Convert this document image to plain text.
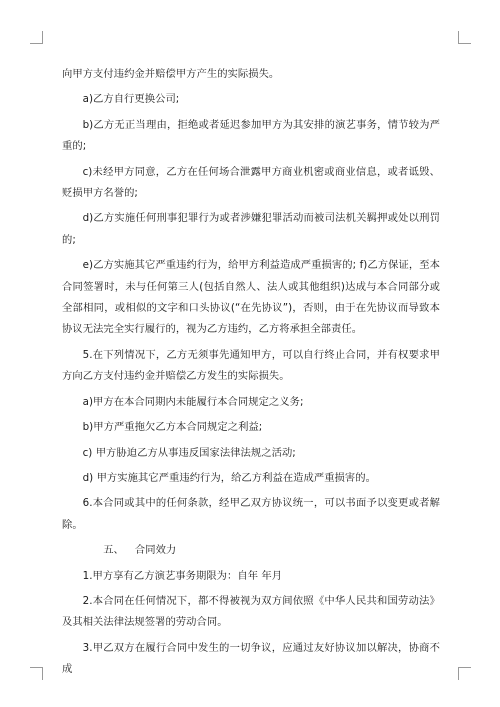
向甲方支付违约金并赔偿甲方产生的实际损失。

a)乙方自行更换公司;

b)乙方无正当理由，拒绝或者延迟参加甲方为其安排的演艺事务，情节较为严重的;

c)未经甲方同意，乙方在任何场合泄露甲方商业机密或商业信息，或者诋毁、贬损甲方名誉的;

d)乙方实施任何刑事犯罪行为或者涉嫌犯罪活动而被司法机关羁押或处以刑罚的;

e)乙方实施其它严重违约行为，给甲方利益造成严重损害的; f)乙方保证，至本合同签署时，未与任何第三人(包括自然人、法人或其他组织)达成与本合同部分或全部相同，或相似的文字和口头协议(“在先协议”)，否则，由于在先协议而导致本协议无法完全实行履行的，视为乙方违约，乙方将承担全部责任。

5.在下列情况下，乙方无须事先通知甲方，可以自行终止合同，并有权要求甲方向乙方支付违约金并赔偿乙方发生的实际损失。

a)甲方在本合同期内未能履行本合同规定之义务;

b)甲方严重拖欠乙方本合同规定之利益;

c) 甲方胁迫乙方从事违反国家法律法规之活动;

d) 甲方实施其它严重违约行为，给乙方利益在造成严重损害的。

6.本合同或其中的任何条款，经甲乙双方协议统一，可以书面予以变更或者解除。

五、 合同效力

1.甲方享有乙方演艺事务期限为：自年 年月

2.本合同在任何情况下，都不得被视为双方间依照《中华人民共和国劳动法》及其相关法律法规签署的劳动合同。

3.甲乙双方在履行合同中发生的一切争议，应通过友好协议加以解决，协商不成
